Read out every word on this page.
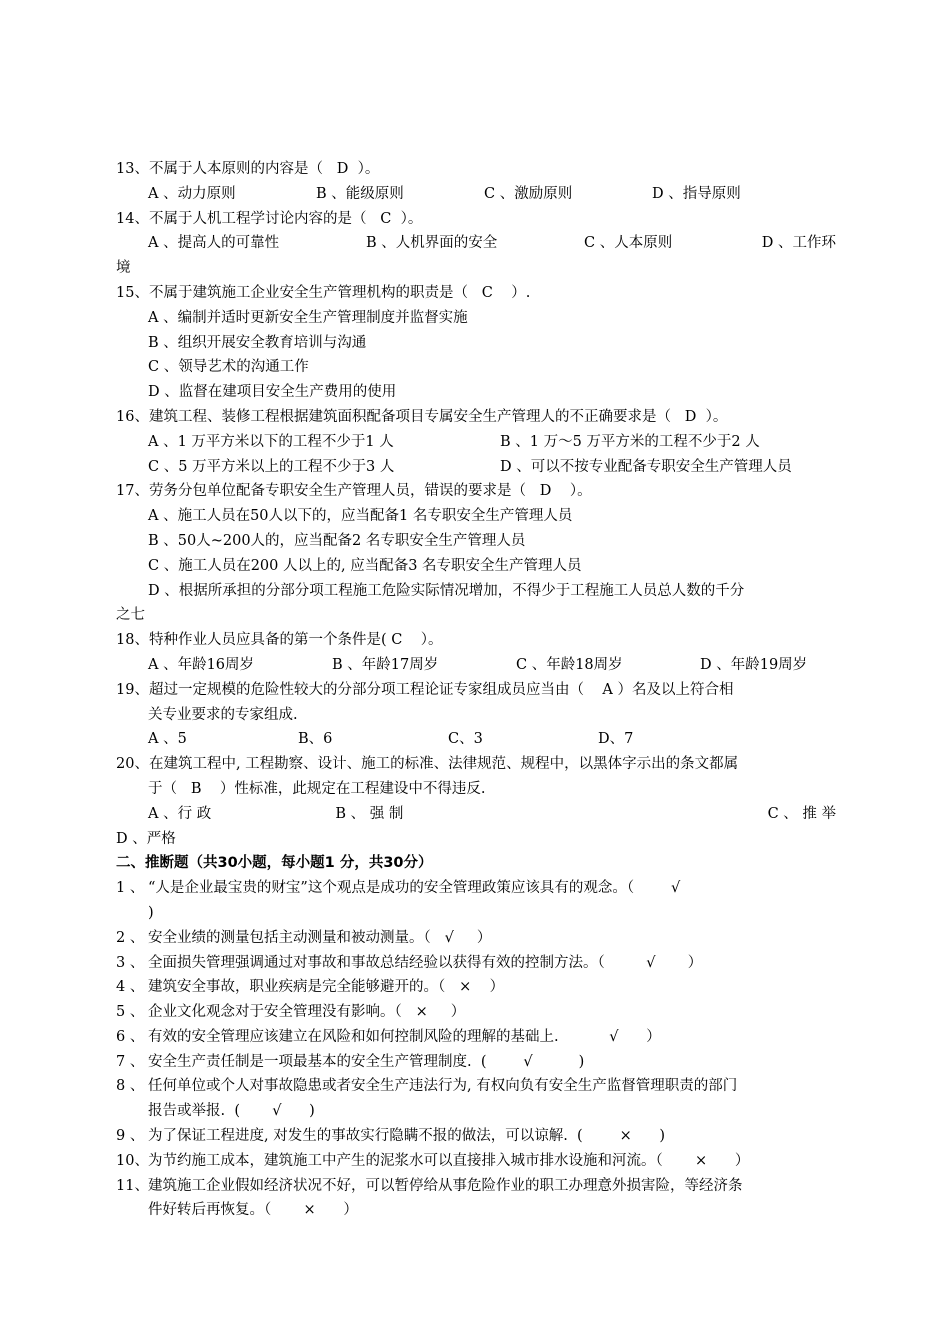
13、不属于人本原则的内容是（   D  ）。
A 、动力原则	B 、能级原则	C 、激励原则	D 、指导原则
14、不属于人机工程学讨论内容的是（   C  ）。
A 、提高人的可靠性	B 、人机界面的安全	C 、人本原则	D 、工作环
境
15、不属于建筑施工企业安全生产管理机构的职责是（   C    ）.
A 、编制并适时更新安全生产管理制度并监督实施
B 、组织开展安全教育培训与沟通
C 、领导艺术的沟通工作
D 、监督在建项目安全生产费用的使用
16、建筑工程、装修工程根据建筑面积配备项目专属安全生产管理人的不正确要求是（   D  ）。
A 、1 万平方米以下的工程不少于1 人	B 、1 万～5 万平方米的工程不少于2 人
C 、5 万平方米以上的工程不少于3 人	D 、可以不按专业配备专职安全生产管理人员
17、劳务分包单位配备专职安全生产管理人员，错误的要求是（   D    ）。
A 、施工人员在50人以下的，应当配备1 名专职安全生产管理人员
B 、50人~200人的，应当配备2 名专职安全生产管理人员
C 、施工人员在200 人以上的, 应当配备3 名专职安全生产管理人员
D 、根据所承担的分部分项工程施工危险实际情况增加，不得少于工程施工人员总人数的千分
之七
18、特种作业人员应具备的第一个条件是( C    ）。
A 、年龄16周岁	B 、年龄17周岁	C 、年龄18周岁	D 、年龄19周岁
19、超过一定规模的危险性较大的分部分项工程论证专家组成员应当由（    A ）名及以上符合相
关专业要求的专家组成.
A 、5	B、6	C、3	D、7
20、在建筑工程中, 工程勘察、设计、施工的标准、法律规范、规程中，以黑体字示出的条文都属
于（   B    ）性标准，此规定在工程建设中不得违反.
A 、行 政	B 、 强 制	C 、 推 举
D 、严格
二、推断题（共30小题，每小题1 分，共30分）
1 、 “人是企业最宝贵的财宝”这个观点是成功的安全管理政策应该具有的观念。（        √
)
2 、 安全业绩的测量包括主动测量和被动测量。（   √     ）
3 、 全面损失管理强调通过对事故和事故总结经验以获得有效的控制方法。（         √       ）
4 、 建筑安全事故，职业疾病是完全能够避开的。（   ×    ）
5 、 企业文化观念对于安全管理没有影响。（   ×     ）
6 、 有效的安全管理应该建立在风险和如何控制风险的理解的基础上.           √      ）
7 、 安全生产责任制是一项最基本的安全生产管理制度.  (        √          )
8 、 任何单位或个人对事故隐患或者安全生产违法行为, 有权向负有安全生产监督管理职责的部门
报告或举报.  (       √      )
9 、 为了保证工程进度, 对发生的事故实行隐瞒不报的做法，可以谅解.  (        ×      )
10、为节约施工成本，建筑施工中产生的泥浆水可以直接排入城市排水设施和河流。（       ×      ）
11、建筑施工企业假如经济状况不好，可以暂停给从事危险作业的职工办理意外损害险，等经济条
件好转后再恢复。（       ×      ）
